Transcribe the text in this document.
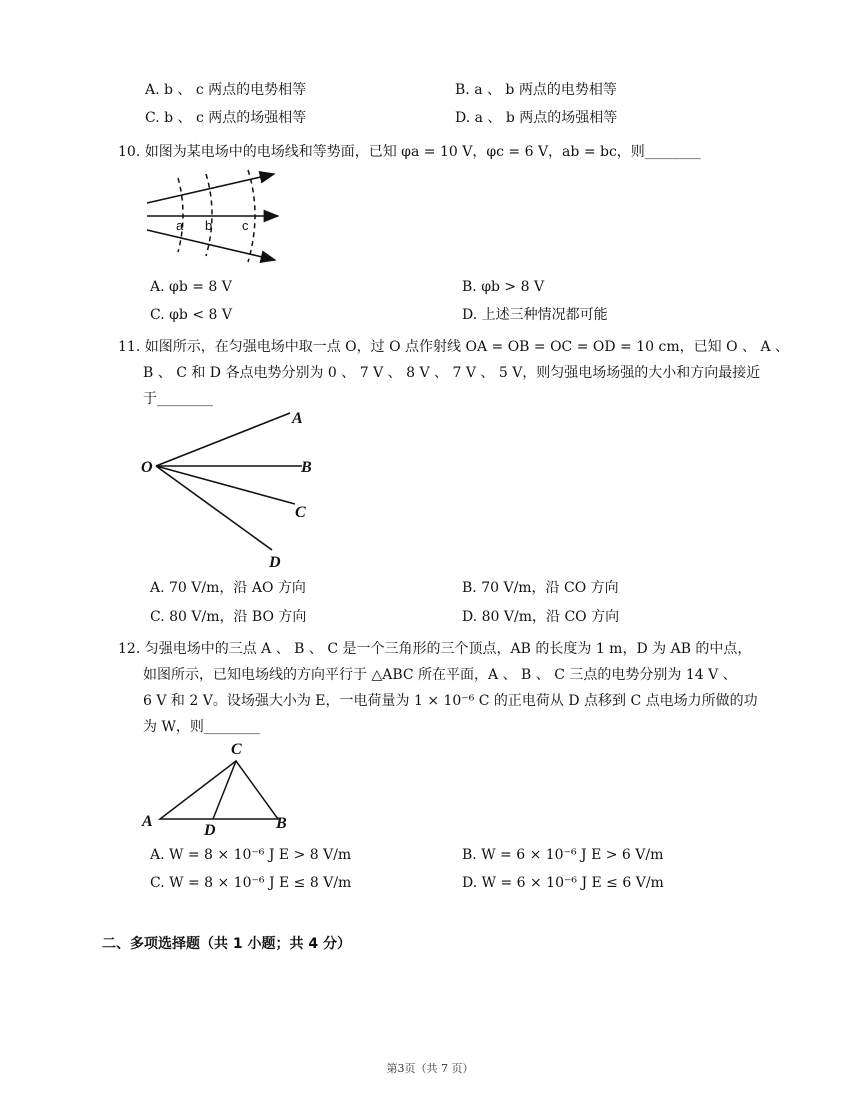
A. b 、 c 两点的电势相等	B. a 、 b 两点的电势相等
C. b 、 c 两点的场强相等	D. a 、 b 两点的场强相等
10. 如图为某电场中的电场线和等势面，已知 φa = 10 V，φc = 6 V，ab = bc，则________
a b c
A. φb = 8 V	B. φb > 8 V
C. φb < 8 V	D. 上述三种情况都可能
11. 如图所示，在匀强电场中取一点 O，过 O 点作射线 OA = OB = OC = OD = 10 cm，已知 O 、 A 、
B 、 C 和 D 各点电势分别为 0 、 7 V 、 8 V 、 7 V 、 5 V，则匀强电场场强的大小和方向最接近
于________
O
A
B
C
D
A. 70 V/m，沿 AO 方向	B. 70 V/m，沿 CO 方向
C. 80 V/m，沿 BO 方向	D. 80 V/m，沿 CO 方向
12. 匀强电场中的三点 A 、 B 、 C 是一个三角形的三个顶点，AB 的长度为 1 m，D 为 AB 的中点，
如图所示，已知电场线的方向平行于 △ABC 所在平面，A 、 B 、 C 三点的电势分别为 14 V 、
6 V 和 2 V。设场强大小为 E，一电荷量为 1 × 10⁻⁶ C 的正电荷从 D 点移到 C 点电场力所做的功
为 W，则________
C
A
D	B
A. W = 8 × 10⁻⁶ J E > 8 V/m	B. W = 6 × 10⁻⁶ J E > 6 V/m
C. W = 8 × 10⁻⁶ J E ≤ 8 V/m	D. W = 6 × 10⁻⁶ J E ≤ 6 V/m
二、多项选择题（共 1 小题；共 4 分）
第3页（共 7 页）
